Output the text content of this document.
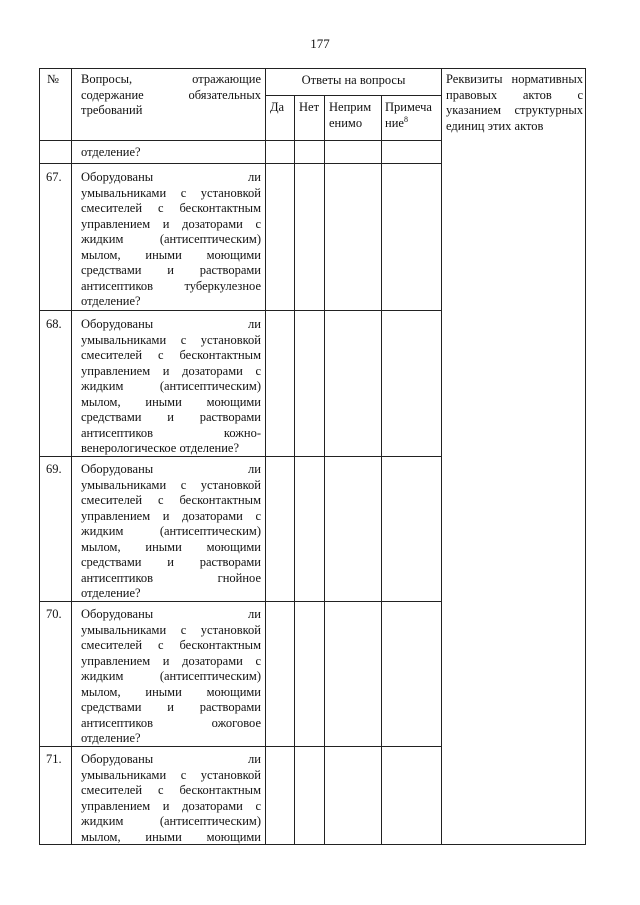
177
№ Вопросы, отражающие
содержание обязательных
требований
Ответы на вопросы
Да Нет Неприм
енимо
Примеча
ние$^8$
Реквизиты нормативных
правовых актов с
указанием структурных
единиц этих актов
отделение?
67. Оборудованы ли
умывальниками с установкой
смесителей с бесконтактным
управлением и дозаторами с
жидким (антисептическим)
мылом, иными моющими
средствами и растворами
антисептиков туберкулезное
отделение?
68. Оборудованы ли
умывальниками с установкой
смесителей с бесконтактным
управлением и дозаторами с
жидким (антисептическим)
мылом, иными моющими
средствами и растворами
антисептиков кожно-
венерологическое отделение?
69. Оборудованы ли
умывальниками с установкой
смесителей с бесконтактным
управлением и дозаторами с
жидким (антисептическим)
мылом, иными моющими
средствами и растворами
антисептиков гнойное
отделение?
70. Оборудованы ли
умывальниками с установкой
смесителей с бесконтактным
управлением и дозаторами с
жидким (антисептическим)
мылом, иными моющими
средствами и растворами
антисептиков ожоговое
отделение?
71. Оборудованы ли
умывальниками с установкой
смесителей с бесконтактным
управлением и дозаторами с
жидким (антисептическим)
мылом, иными моющими
